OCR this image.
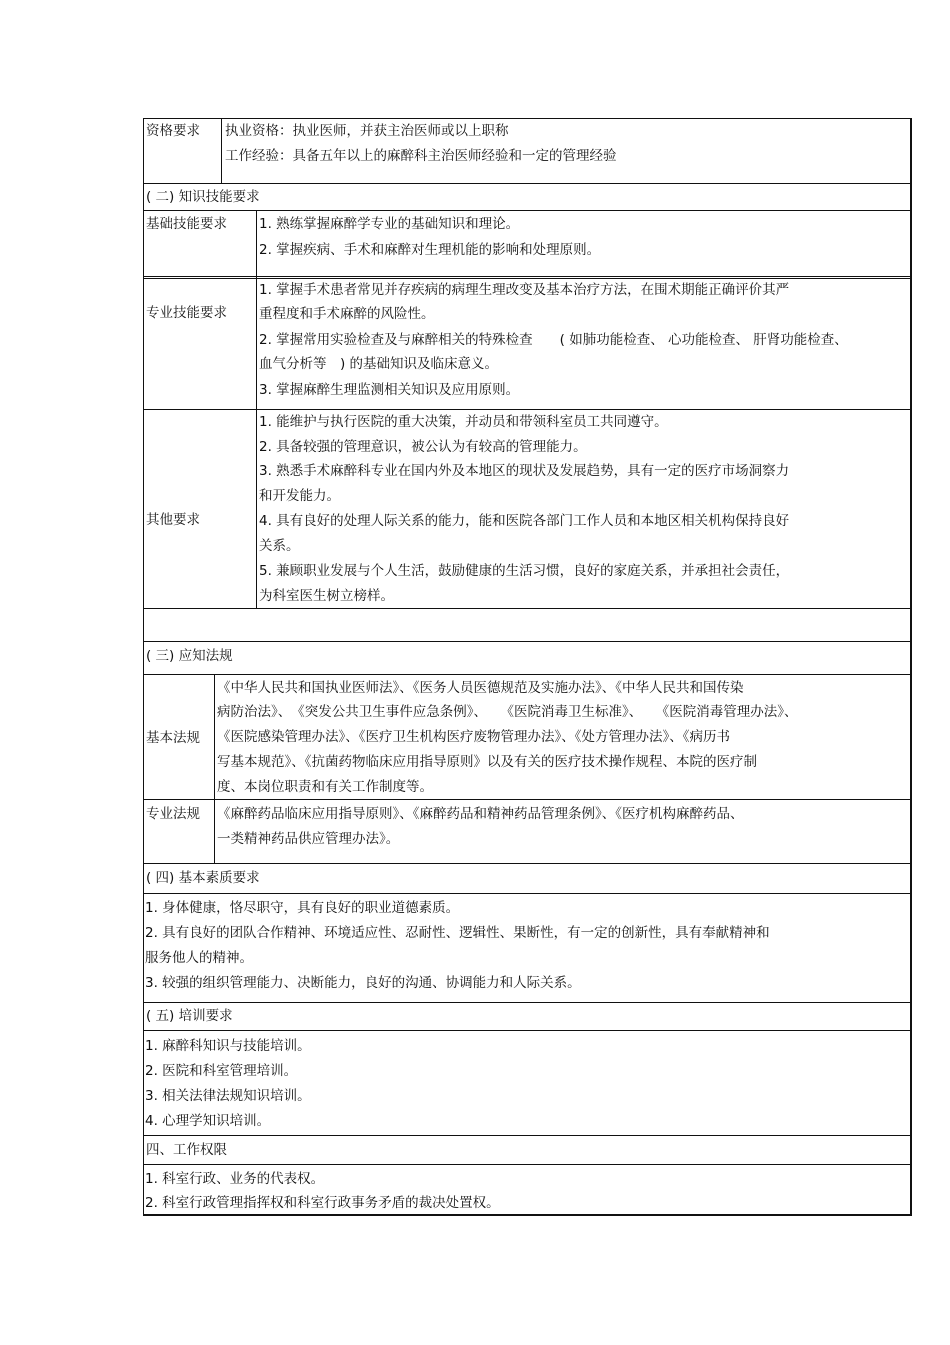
资格要求 执业资格：执业医师，并获主治医师或以上职称
工作经验：具备五年以上的麻醉科主治医师经验和一定的管理经验
( 二) 知识技能要求
基础技能要求 1. 熟练掌握麻醉学专业的基础知识和理论。
2. 掌握疾病、手术和麻醉对生理机能的影响和处理原则。
专业技能要求
1. 掌握手术患者常见并存疾病的病理生理改变及基本治疗方法，在围术期能正确评价其严
重程度和手术麻醉的风险性。
2. 掌握常用实验检查及与麻醉相关的特殊检查　　( 如肺功能检查、 心功能检查、 肝肾功能检查、
血气分析等　) 的基础知识及临床意义。
3. 掌握麻醉生理监测相关知识及应用原则。
其他要求
1. 能维护与执行医院的重大决策，并动员和带领科室员工共同遵守。
2. 具备较强的管理意识，被公认为有较高的管理能力。
3. 熟悉手术麻醉科专业在国内外及本地区的现状及发展趋势，具有一定的医疗市场洞察力
和开发能力。
4. 具有良好的处理人际关系的能力，能和医院各部门工作人员和本地区相关机构保持良好
关系。
5. 兼顾职业发展与个人生活，鼓励健康的生活习惯，良好的家庭关系，并承担社会责任，
为科室医生树立榜样。
( 三) 应知法规
基本法规
《中华人民共和国执业医师法》、《医务人员医德规范及实施办法》、《中华人民共和国传染
病防治法》、　《突发公共卫生事件应急条例》、　　《医院消毒卫生标准》、　　《医院消毒管理办法》、
《医院感染管理办法》、《医疗卫生机构医疗废物管理办法》、《处方管理办法》、《病历书
写基本规范》、《抗菌药物临床应用指导原则》以及有关的医疗技术操作规程、本院的医疗制
度、本岗位职责和有关工作制度等。
专业法规 《麻醉药品临床应用指导原则》、《麻醉药品和精神药品管理条例》、《医疗机构麻醉药品、
一类精神药品供应管理办法》。
( 四) 基本素质要求
1. 身体健康，恪尽职守，具有良好的职业道德素质。
2. 具有良好的团队合作精神、环境适应性、忍耐性、逻辑性、果断性，有一定的创新性，具有奉献精神和
服务他人的精神。
3. 较强的组织管理能力、决断能力，良好的沟通、协调能力和人际关系。
( 五) 培训要求
1. 麻醉科知识与技能培训。
2. 医院和科室管理培训。
3. 相关法律法规知识培训。
4. 心理学知识培训。
四、工作权限
1. 科室行政、业务的代表权。
2. 科室行政管理指挥权和科室行政事务矛盾的裁决处置权。
